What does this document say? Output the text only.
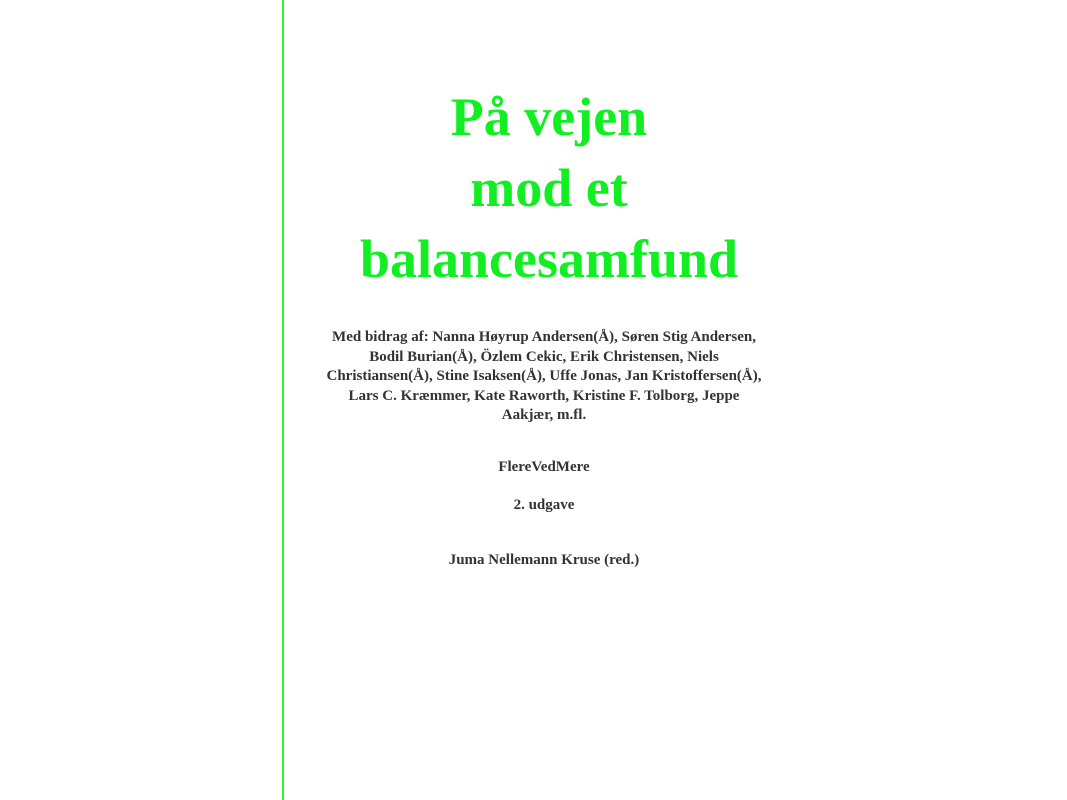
På vejen
mod et
balancesamfund

Med bidrag af: Nanna Høyrup Andersen(Å), Søren Stig Andersen, Bodil Burian(Å), Özlem Cekic, Erik Christensen, Niels Christiansen(Å), Stine Isaksen(Å), Uffe Jonas, Jan Kristoffersen(Å), Lars C. Kræmmer, Kate Raworth, Kristine F. Tolborg, Jeppe Aakjær, m.fl.

FlereVedMere

2. udgave

Juma Nellemann Kruse (red.)
